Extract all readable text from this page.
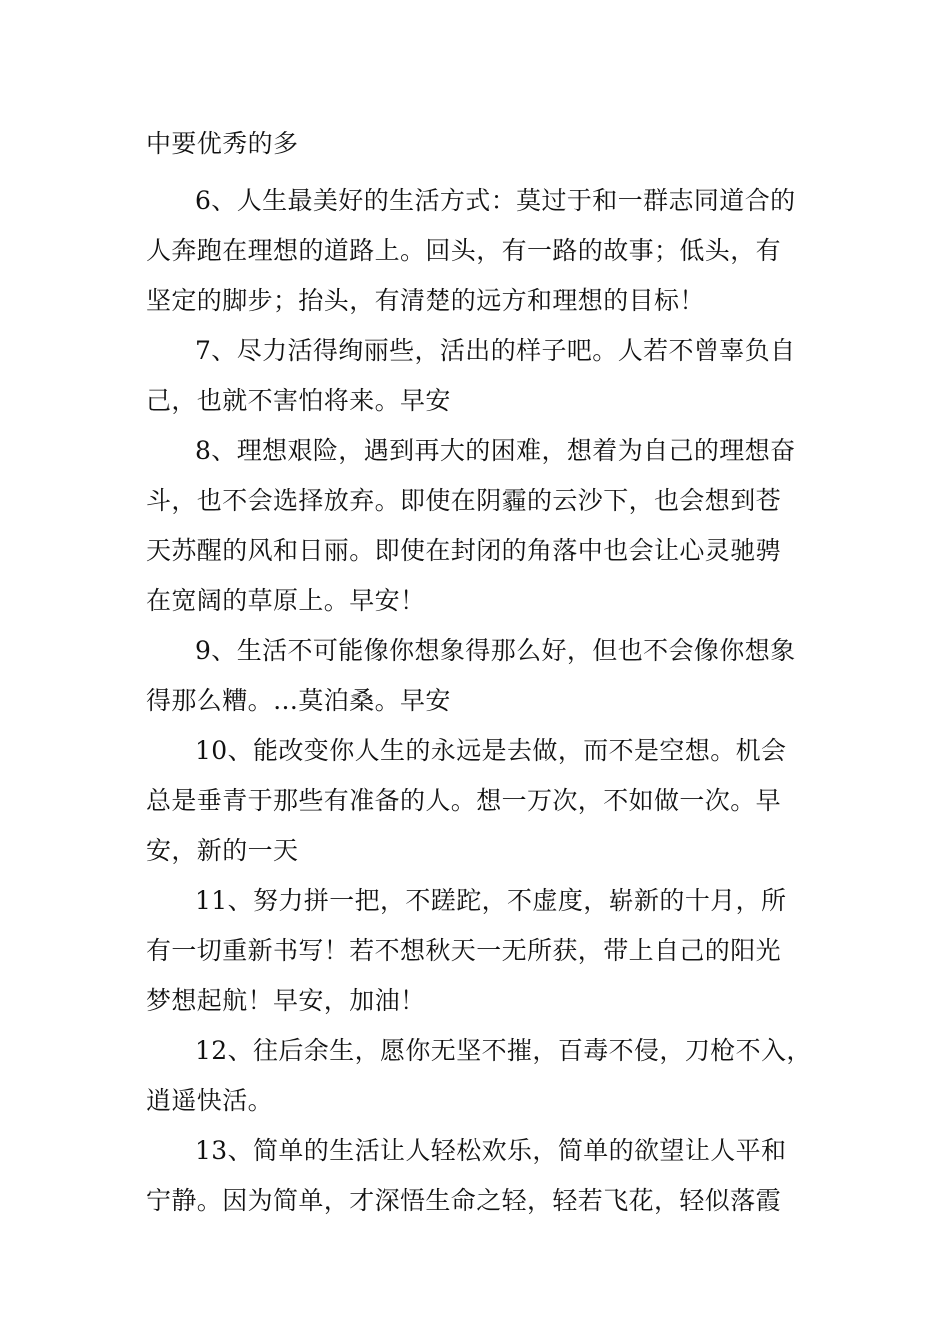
中要优秀的多
6、人生最美好的生活方式：莫过于和一群志同道合的
人奔跑在理想的道路上。回头，有一路的故事；低头，有
坚定的脚步；抬头，有清楚的远方和理想的目标！
7、尽力活得绚丽些，活出的样子吧。人若不曾辜负自
己，也就不害怕将来。早安
8、理想艰险，遇到再大的困难，想着为自己的理想奋
斗，也不会选择放弃。即使在阴霾的云沙下，也会想到苍
天苏醒的风和日丽。即使在封闭的角落中也会让心灵驰骋
在宽阔的草原上。早安！
9、生活不可能像你想象得那么好，但也不会像你想象
得那么糟。…莫泊桑。早安
10、能改变你人生的永远是去做，而不是空想。机会
总是垂青于那些有准备的人。想一万次，不如做一次。早
安，新的一天
11、努力拼一把，不蹉跎，不虚度，崭新的十月，所
有一切重新书写！若不想秋天一无所获，带上自己的阳光
梦想起航！早安，加油！
12、往后余生，愿你无坚不摧，百毒不侵，刀枪不入，
逍遥快活。
13、简单的生活让人轻松欢乐，简单的欲望让人平和
宁静。因为简单，才深悟生命之轻，轻若飞花，轻似落霞
